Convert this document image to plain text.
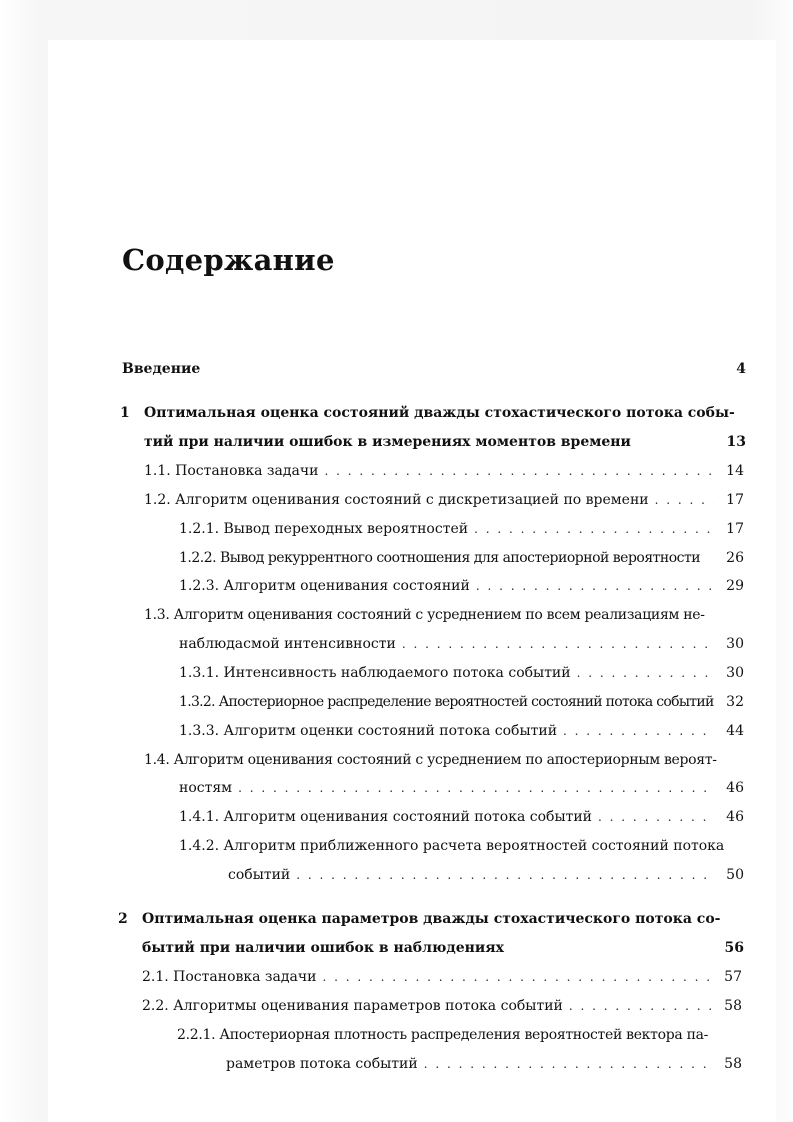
Содержание
Введение	4
1 Оптимальная оценка состояний дважды стохастического потока собы-
тий при наличии ошибок в измерениях моментов времени	13
1.1. Постановка задачи . . .	14
1.2. Алгоритм оценивания состояний с дискретизацией по времени . . .	17
1.2.1. Вывод переходных вероятностей . . .	17
1.2.2. Вывод рекуррентного соотношения для апостериорной вероятности	26
1.2.3. Алгоритм оценивания состояний . . .	29
1.3. Алгоритм оценивания состояний с усреднением по всем реализациям не-
наблюдасмой интенсивности . . .	30
1.3.1. Интенсивность наблюдаемого потока событий . . .	30
1.3.2. Апостериорное распределение вероятностей состояний потока событий 32
1.3.3. Алгоритм оценки состояний потока событий . . .	44
1.4. Алгоритм оценивания состояний с усреднением по апостериорным вероят-
ностям . . .	46
1.4.1. Алгоритм оценивания состояний потока событий . . .	46
1.4.2. Алгоритм приближенного расчета вероятностей состояний потока
событий . . .	50
2 Оптимальная оценка параметров дважды стохастического потока со-
бытий при наличии ошибок в наблюдениях	56
2.1. Постановка задачи . . .	57
2.2. Алгоритмы оценивания параметров потока событий . . .	58
2.2.1. Апостериорная плотность распределения вероятностей вектора па-
раметров потока событий . . .	58
